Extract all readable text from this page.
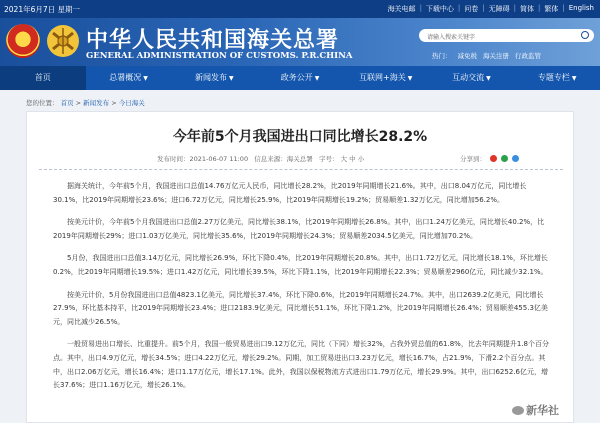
2021年6月7日 星期一	海关电邮 | 下载中心 | 问卷 | 无障碍 | 简体 | 繁体 | English
中华人民共和国海关总署
GENERAL ADMINISTRATION OF CUSTOMS. P.R.CHINA
请输入搜索关键字
热门： 减免税 海关注册 行政监管
首页	总署概况 ▼	新闻发布 ▼	政务公开 ▼	互联网+海关 ▼	互动交流 ▼	专题专栏 ▼
您的位置： 首页 > 新闻发布 > 今日海关
今年前5个月我国进出口同比增长28.2%
发布时间：2021-06-07 11:00 信息来源：海关总署 字号： 大 中 小	分享到：

据海关统计，今年前5个月，我国进出口总值14.76万亿元人民币，同比增长28.2%，比2019年同期增长21.6%。其中，出口8.04万亿元，同比增长30.1%，比2019年同期增长23.6%；进口6.72万亿元，同比增长25.9%，比2019年同期增长19.2%；贸易顺差1.32万亿元，同比增加56.2%。

按美元计价，今年前5个月我国进出口总值2.27万亿美元，同比增长38.1%，比2019年同期增长26.8%。其中，出口1.24万亿美元，同比增长40.2%，比2019年同期增长29%；进口1.03万亿美元，同比增长35.6%，比2019年同期增长24.3%；贸易顺差2034.5亿美元，同比增加70.2%。

5月份，我国进出口总值3.14万亿元，同比增长26.9%，环比下降0.4%，比2019年同期增长20.8%。其中，出口1.72万亿元，同比增长18.1%，环比增长0.2%，比2019年同期增长19.5%；进口1.42万亿元，同比增长39.5%，环比下降1.1%，比2019年同期增长22.3%；贸易顺差2960亿元，同比减少32.1%。

按美元计价，5月份我国进出口总值4823.1亿美元，同比增长37.4%，环比下降0.6%，比2019年同期增长24.7%。其中，出口2639.2亿美元，同比增长27.9%，环比基本持平，比2019年同期增长23.4%；进口2183.9亿美元，同比增长51.1%，环比下降1.2%，比2019年同期增长26.4%；贸易顺差455.3亿美元，同比减少26.5%。

一般贸易进出口增长、比重提升。前5个月，我国一般贸易进出口9.12万亿元，同比（下同）增长32%，占我外贸总值的61.8%，比去年同期提升1.8个百分点。其中，出口4.9万亿元，增长34.5%；进口4.22万亿元，增长29.2%。同期，加工贸易进出口3.23万亿元，增长16.7%，占21.9%，下滑2.2个百分点。其中，出口2.06万亿元，增长16.4%；进口1.17万亿元，增长17.1%。此外，我国以保税物流方式进出口1.79万亿元，增长29.9%。其中，出口6252.6亿元，增长37.6%；进口1.16万亿元，增长26.1%。

新华社
